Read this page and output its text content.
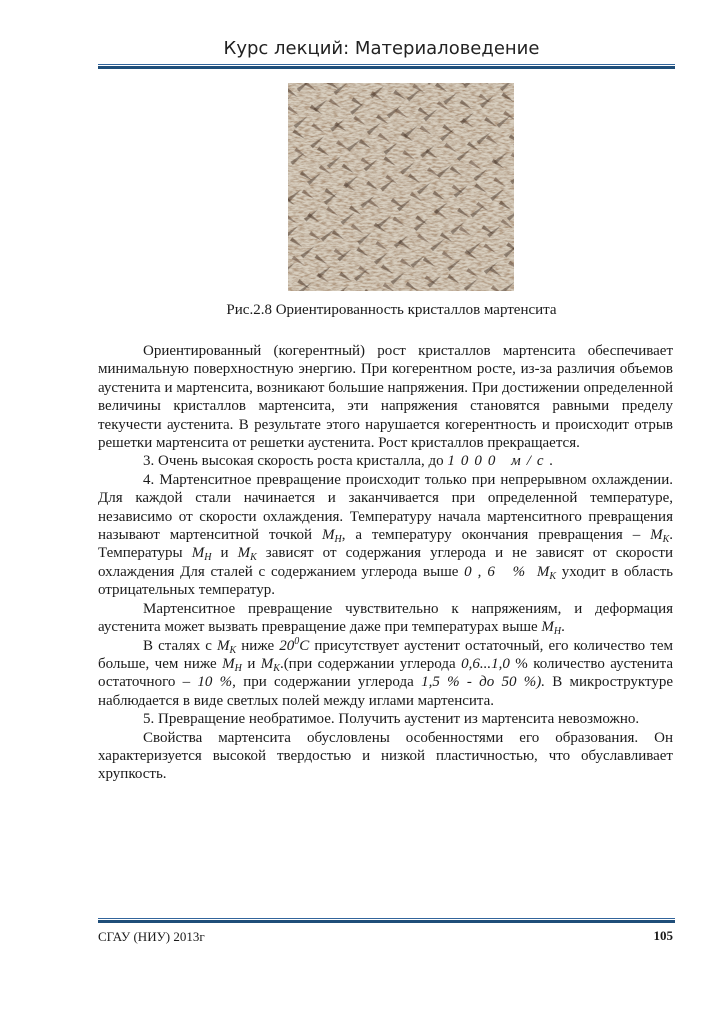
Курс лекций: Материаловедение
Рис.2.8 Ориентированность кристаллов мартенсита

Ориентированный (когерентный) рост кристаллов мартенсита обеспечивает минимальную поверхностную энергию. При когерентном росте, из-за различия объемов аустенита и мартенсита, возникают большие напряжения. При достижении определенной величины кристаллов мартенсита, эти напряжения становятся равными пределу текучести аустенита. В результате этого нарушается когерентность и происходит отрыв решетки мартенсита от решетки аустенита. Рост кристаллов прекращается.

3. Очень высокая скорость роста кристалла, до 1000 м/с.

4. Мартенситное превращение происходит только при непрерывном охлаждении. Для каждой стали начинается и заканчивается при определенной температуре, независимо от скорости охлаждения. Температуру начала мартенситного превращения называют мартенситной точкой $M_Н$, а температуру окончания превращения – $M_К$. Температуры $M_Н$ и $M_К$ зависят от содержания углерода и не зависят от скорости охлаждения Для сталей с содержанием углерода выше 0,6 % $M_К$ уходит в область отрицательных температур.

Мартенситное превращение чувствительно к напряжениям, и деформация аустенита может вызвать превращение даже при температурах выше $M_Н$.

В сталях с $M_К$ ниже $20^0C$ присутствует аустенит остаточный, его количество тем больше, чем ниже $M_Н$ и $M_К.(при$ содержании углерода 0,6...1,0 % количество аустенита остаточного – 10 %, при содержании углерода 1,5 % - до 50 %). В микроструктуре наблюдается в виде светлых полей между иглами мартенсита.

5. Превращение необратимое. Получить аустенит из мартенсита невозможно.

Свойства мартенсита обусловлены особенностями его образования. Он характеризуется высокой твердостью и низкой пластичностью, что обуславливает хрупкость.

СГАУ (НИУ) 2013г	105
